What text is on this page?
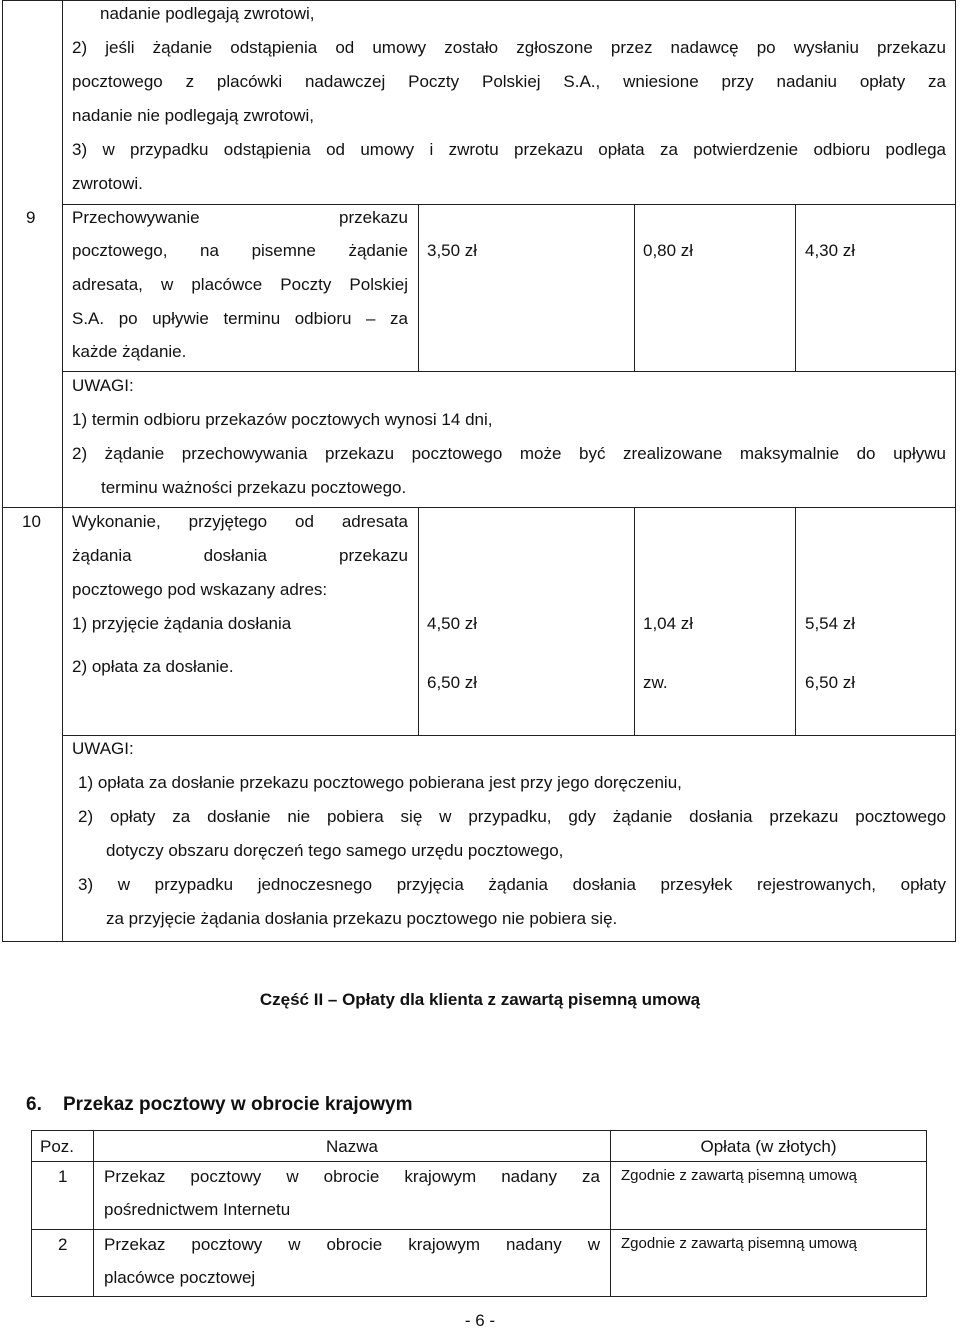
nadanie podlegają zwrotowi,
2) jeśli żądanie odstąpienia od umowy zostało zgłoszone przez nadawcę po wysłaniu przekazu
pocztowego z placówki nadawczej Poczty Polskiej S.A., wniesione przy nadaniu opłaty za
nadanie nie podlegają zwrotowi,
3) w przypadku odstąpienia od umowy i zwrotu przekazu opłata za potwierdzenie odbioru podlega
zwrotowi.
9 Przechowywanie przekazu
pocztowego, na pisemne żądanie
adresata, w placówce Poczty Polskiej
S.A. po upływie terminu odbioru – za
każde żądanie.
3,50 zł	0,80 zł	4,30 zł
UWAGI:
1) termin odbioru przekazów pocztowych wynosi 14 dni,
2) żądanie przechowywania przekazu pocztowego może być zrealizowane maksymalnie do upływu
terminu ważności przekazu pocztowego.
10 Wykonanie, przyjętego od adresata
żądania dosłania przekazu
pocztowego pod wskazany adres:
1) przyjęcie żądania dosłania
2) opłata za dosłanie.
4,50 zł	1,04 zł	5,54 zł
6,50 zł	zw.	6,50 zł
UWAGI:
1) opłata za dosłanie przekazu pocztowego pobierana jest przy jego doręczeniu,
2) opłaty za dosłanie nie pobiera się w przypadku, gdy żądanie dosłania przekazu pocztowego
dotyczy obszaru doręczeń tego samego urzędu pocztowego,
3) w przypadku jednoczesnego przyjęcia żądania dosłania przesyłek rejestrowanych, opłaty
za przyjęcie żądania dosłania przekazu pocztowego nie pobiera się.
Część II – Opłaty dla klienta z zawartą pisemną umową
6. Przekaz pocztowy w obrocie krajowym
Poz.	Nazwa	Opłata (w złotych)
1 Przekaz pocztowy w obrocie krajowym nadany za
pośrednictwem Internetu
Zgodnie z zawartą pisemną umową
2 Przekaz pocztowy w obrocie krajowym nadany w
placówce pocztowej
Zgodnie z zawartą pisemną umową
- 6 -
